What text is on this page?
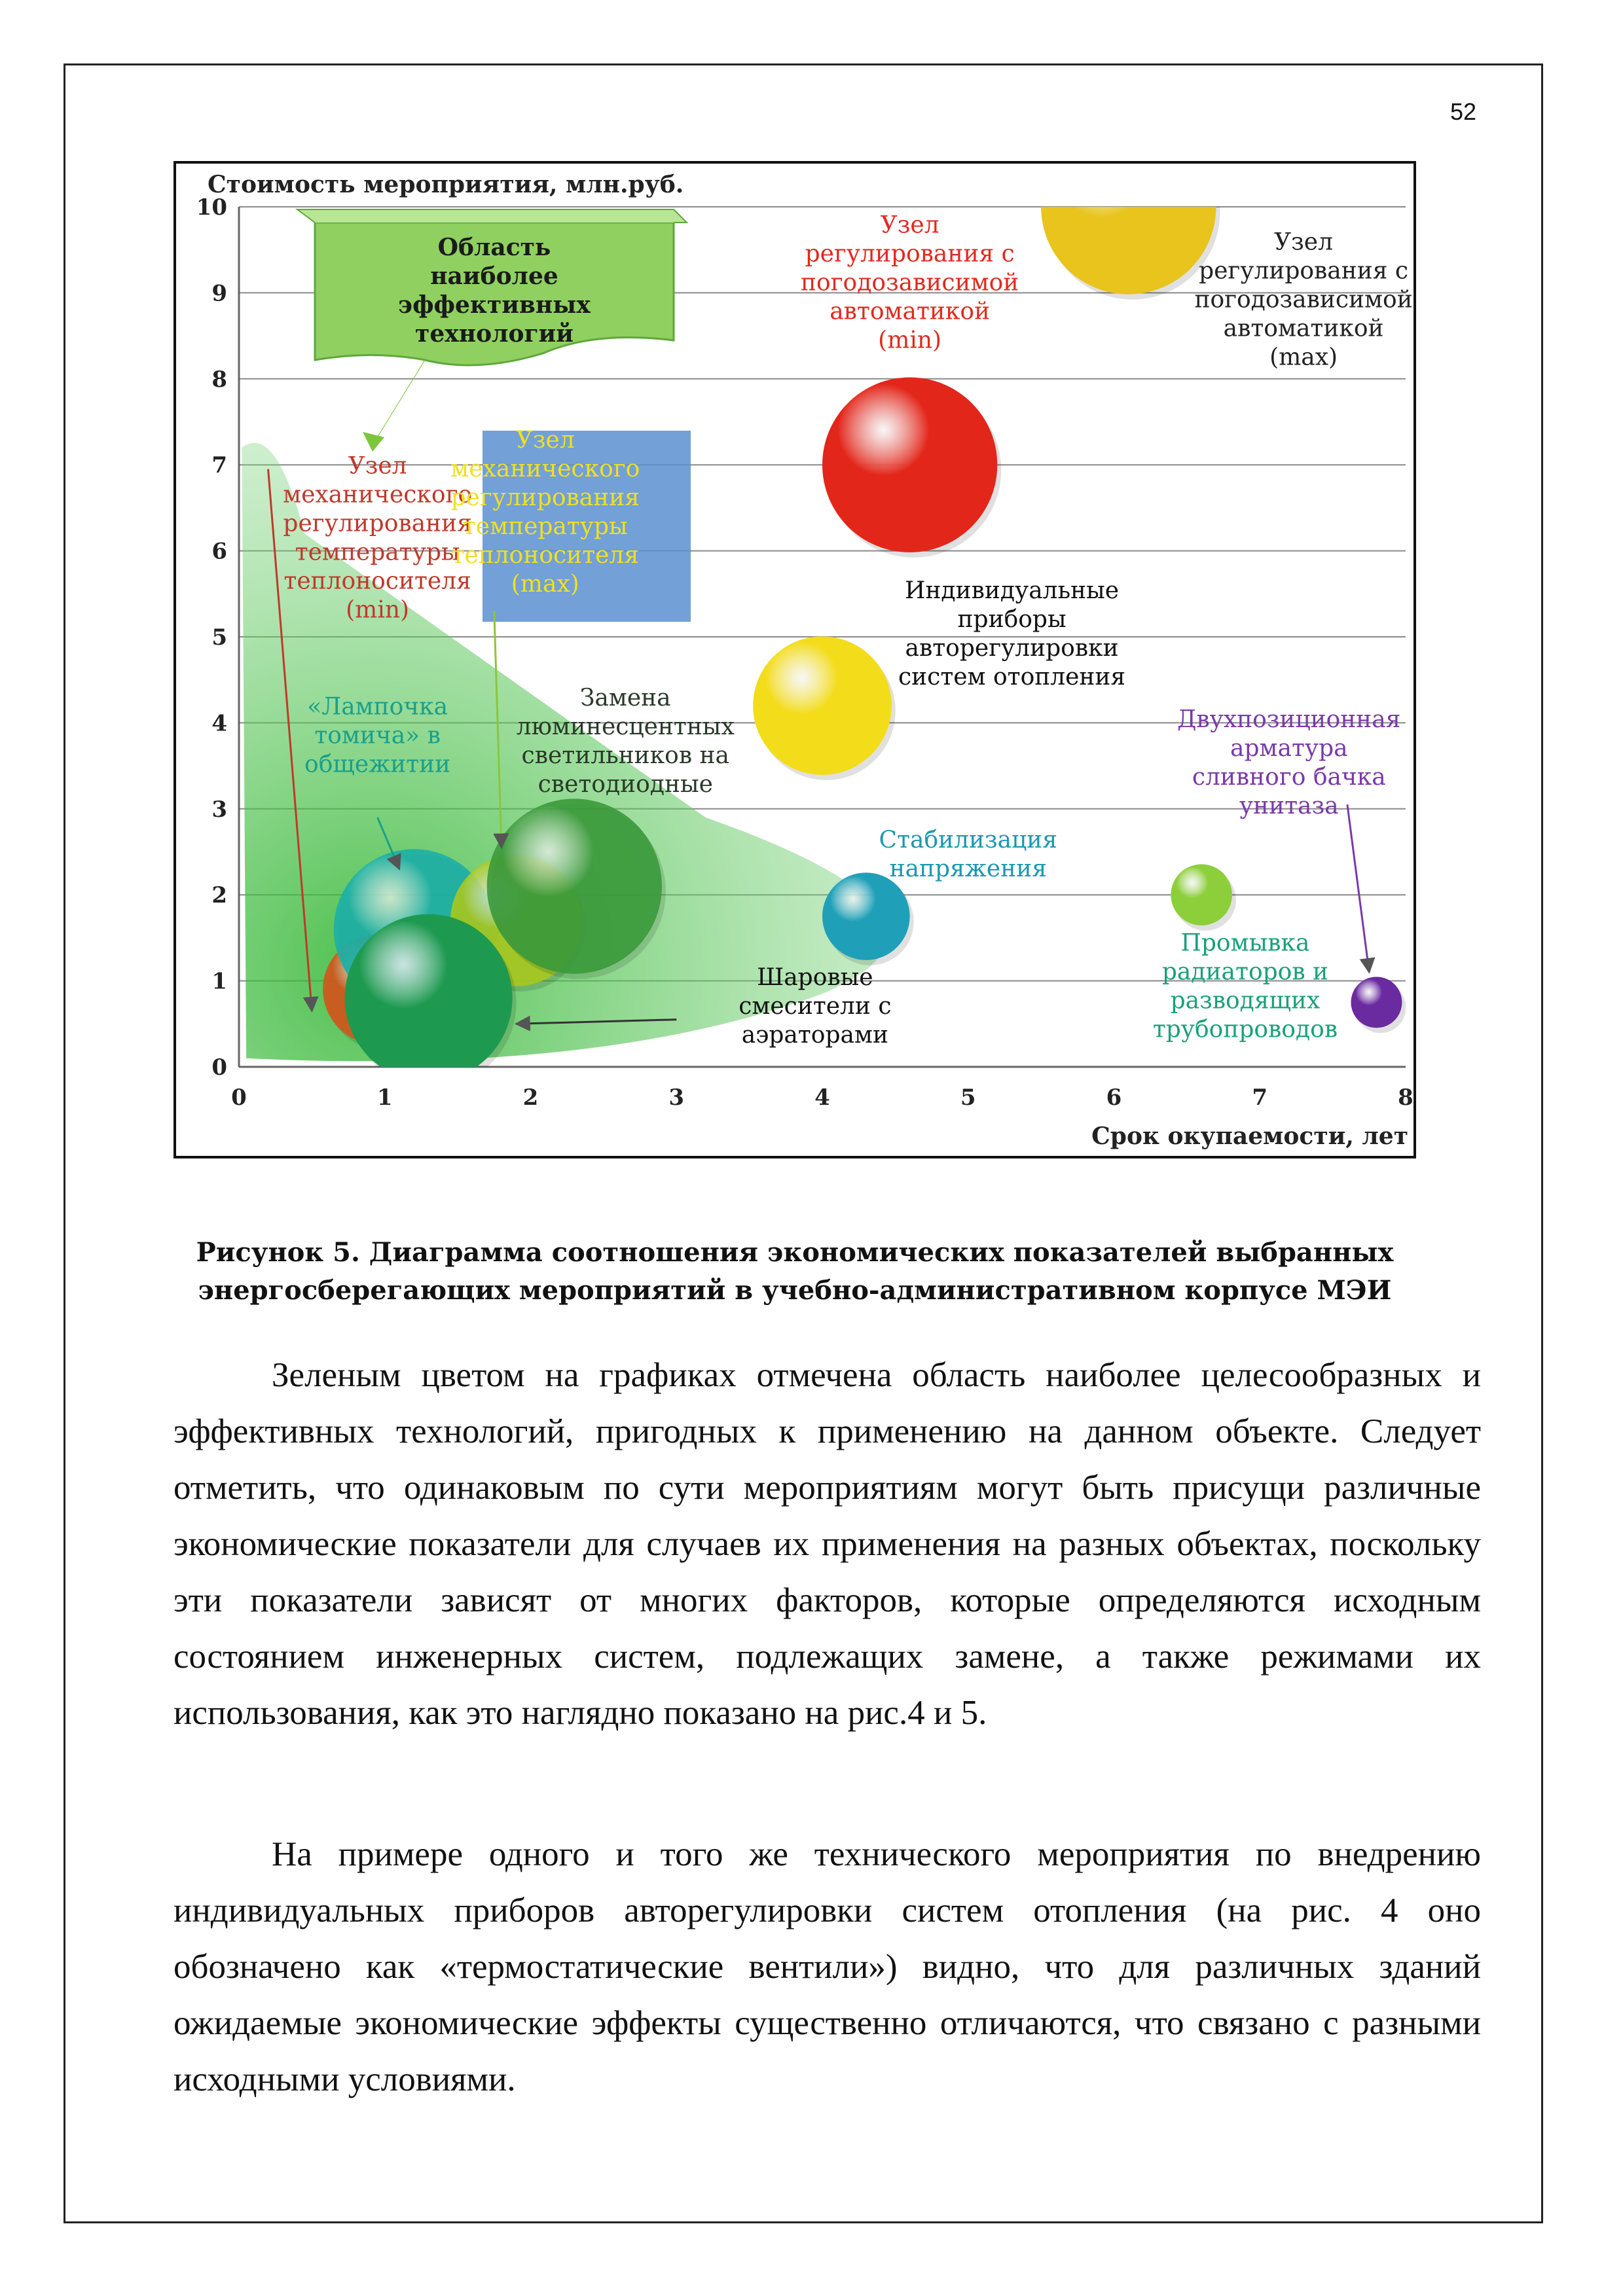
52
0	1	2	3	4	5	6	7	8
0
1
2
3
4
5
6
7
8
9
10
Стоимость мероприятия, млн.руб.
Срок окупаемости, лет
Область
наиболее
эффективных
технологий
Узел
регулирования с
погодозависимой
автоматикой
(min)
Узел
регулирования с
погодозависимой
автоматикой
(max)
Индивидуальные
приборы
авторегулировки
систем отопления
Стабилизация
напряжения
Промывка
радиаторов и
разводящих
трубопроводов
Двухпозиционная
арматура
сливного бачка
унитаза
Узел
механического
регулирования
температуры
теплоносителя
(min)
Узел
механического
регулирования
температуры
теплоносителя
(max)
«Лампочка
томича» в
общежитии
Замена
люминесцентных
светильников на
светодиодные
Шаровые
смесители с
аэраторами
Рисунок 5. Диаграмма соотношения экономических показателей выбранных
энергосберегающих мероприятий в учебно-административном корпусе МЭИ
Зеленым цветом на графиках отмечена область наиболее целесообразных и эффективных технологий, пригодных к применению на данном объекте. Следует отметить, что одинаковым по сути мероприятиям могут быть присущи различные экономические показатели для случаев их применения на разных объектах, поскольку эти показатели зависят от многих факторов, которые определяются исходным состоянием инженерных систем, подлежащих замене, а также режимами их использования, как это наглядно показано на рис.4 и 5.
На примере одного и того же технического мероприятия по внедрению индивидуальных приборов авторегулировки систем отопления (на рис. 4 оно обозначено как «термостатические вентили») видно, что для различных зданий ожидаемые экономические эффекты существенно отличаются, что связано с разными исходными условиями.
